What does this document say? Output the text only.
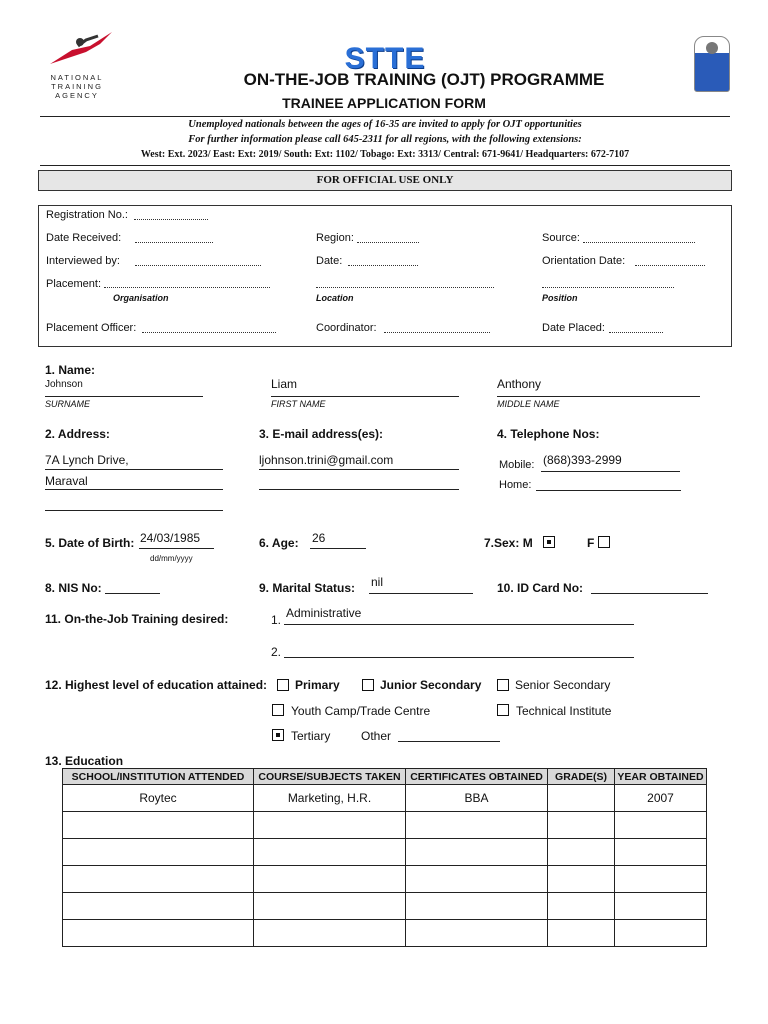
NATIONAL TRAINING AGENCY
STTE
ON-THE-JOB TRAINING (OJT) PROGRAMME
TRAINEE APPLICATION FORM
Unemployed nationals between the ages of 16-35 are invited to apply for OJT opportunities
For further information please call 645-2311 for all regions, with the following extensions:
West: Ext. 2023/ East: Ext: 2019/ South: Ext: 1102/ Tobago: Ext: 3313/ Central: 671-9641/ Headquarters: 672-7107
FOR OFFICIAL USE ONLY
Registration No.:
Date Received:	Region:	Source:
Interviewed by:	Date:	Orientation Date:
Placement:
Organisation	Location	Position
Placement Officer:	Coordinator:	Date Placed:
1. Name:
Johnson
SURNAME
Liam
FIRST NAME
Anthony
MIDDLE NAME
2. Address:
7A Lynch Drive,
Maraval
3. E-mail address(es):
ljohnson.trini@gmail.com
4. Telephone Nos:
Mobile: (868)393-2999
Home:
5. Date of Birth: 24/03/1985
dd/mm/yyyy
6. Age: 26	7.Sex: M	F
8. NIS No:	9. Marital Status: nil	10. ID Card No:
11. On-the-Job Training desired:	1. Administrative
2.
12. Highest level of education attained: Primary	Junior Secondary	Senior Secondary
Youth Camp/Trade Centre	Technical Institute
Tertiary	Other
13. Education
SCHOOL/INSTITUTION ATTENDED	COURSE/SUBJECTS TAKEN	CERTIFICATES OBTAINED	GRADE(S)	YEAR OBTAINED
Roytec	Marketing, H.R.	BBA		2007
